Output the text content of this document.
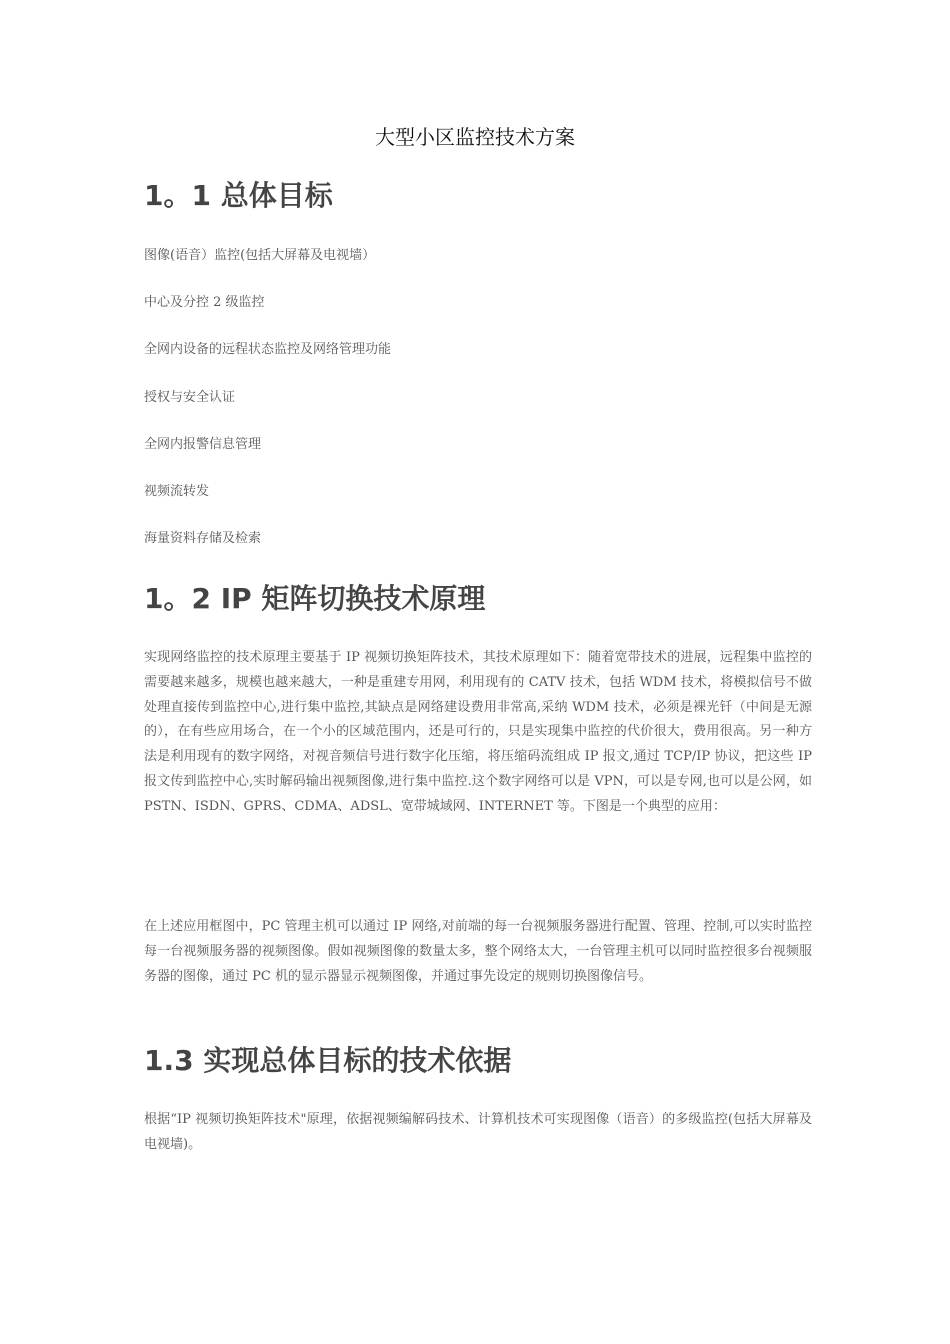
大型小区监控技术方案
1。1 总体目标
图像(语音）监控(包括大屏幕及电视墙）
中心及分控 2 级监控
全网内设备的远程状态监控及网络管理功能
授权与安全认证
全网内报警信息管理
视频流转发
海量资料存储及检索
1。2 IP 矩阵切换技术原理
实现网络监控的技术原理主要基于 IP 视频切换矩阵技术，其技术原理如下：随着宽带技术的进展，远程集中监控的需要越来越多，规模也越来越大，一种是重建专用网，利用现有的 CATV 技术，包括 WDM 技术，将模拟信号不做处理直接传到监控中心,进行集中监控,其缺点是网络建设费用非常高,采纳 WDM 技术，必须是裸光钎（中间是无源的），在有些应用场合，在一个小的区域范围内，还是可行的，只是实现集中监控的代价很大，费用很高。另一种方法是利用现有的数字网络，对视音频信号进行数字化压缩，将压缩码流组成 IP 报文,通过 TCP/IP 协议，把这些 IP 报文传到监控中心,实时解码输出视频图像,进行集中监控.这个数字网络可以是 VPN，可以是专网,也可以是公网，如 PSTN、ISDN、GPRS、CDMA、ADSL、宽带城域网、INTERNET 等。下图是一个典型的应用：
在上述应用框图中，PC 管理主机可以通过 IP 网络,对前端的每一台视频服务器进行配置、管理、控制,可以实时监控每一台视频服务器的视频图像。假如视频图像的数量太多，整个网络太大，一台管理主机可以同时监控很多台视频服务器的图像，通过 PC 机的显示器显示视频图像，并通过事先设定的规则切换图像信号。
1.3 实现总体目标的技术依据
根据“IP 视频切换矩阵技术"原理，依据视频编解码技术、计算机技术可实现图像（语音）的多级监控(包括大屏幕及电视墙)。
